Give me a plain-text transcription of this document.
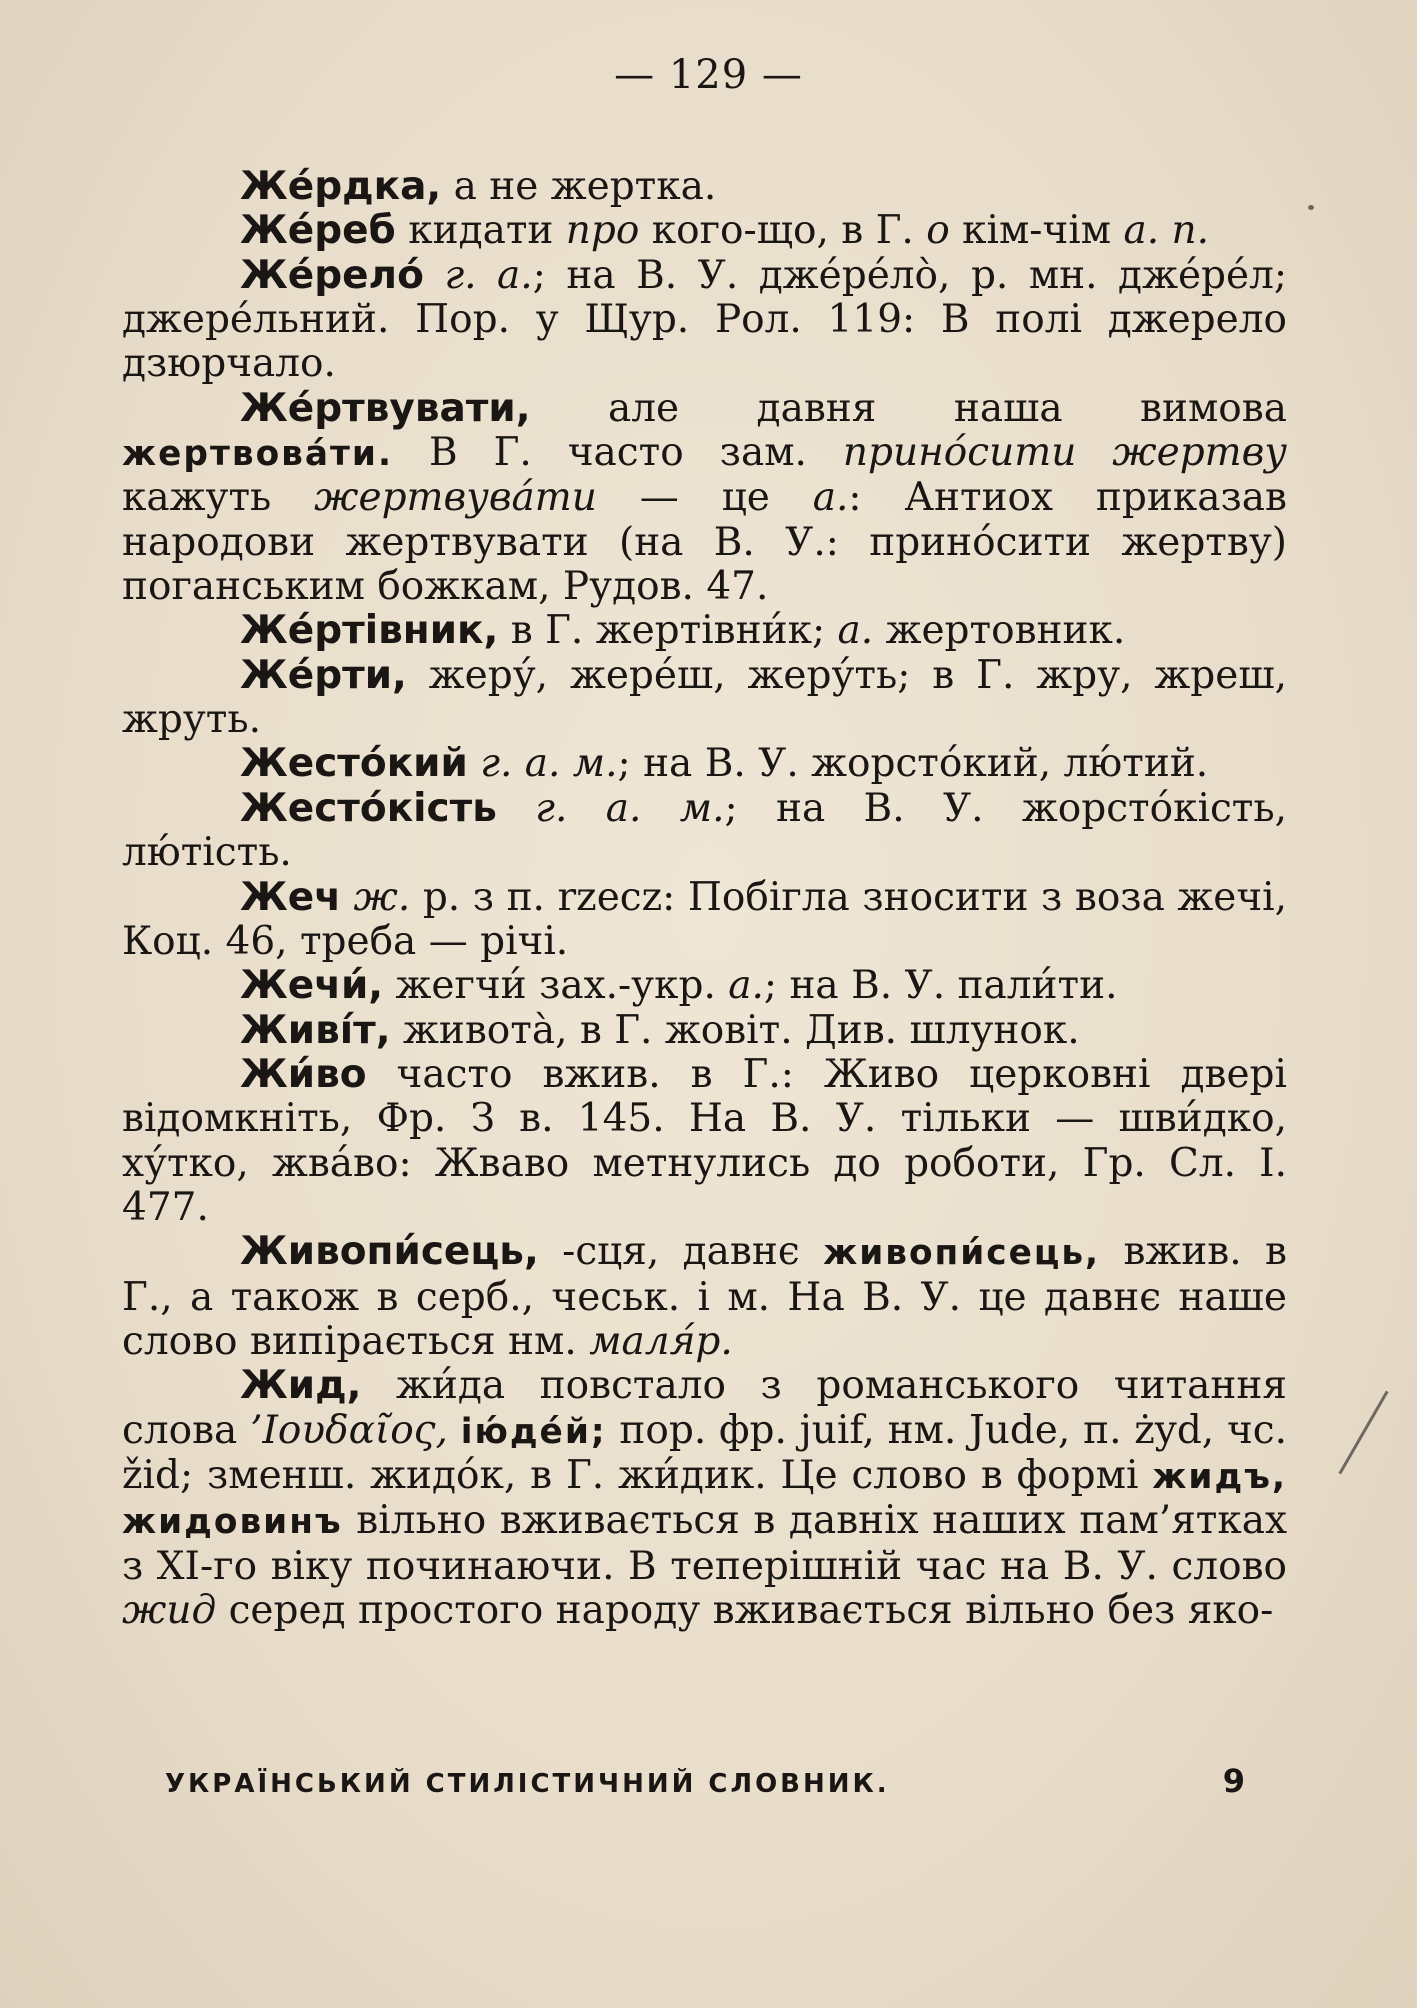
— 129 —

Же́рдка, а не жертка.

Же́реб кидати про кого-що, в Г. о кім-чім а. п.

Же́рело́ г. а.; на В. У. дже́ре́ло̀, р. мн. дже́ре́л; джере́льний. Пор. у Щур. Рол. 119: В полі джерело дзюрчало.

Же́ртвувати, але давня наша вимова жертвова́ти. В Г. часто зам. прино́сити жертву кажуть жертвува́ти — це а.: Антиох приказав народови жертвувати (на В. У.: прино́сити жертву) поганським божкам, Рудов. 47.

Же́ртівник, в Г. жертівни́к; а. жертовник.

Же́рти, жеру́, жере́ш, жеру́ть; в Г. жру, жреш, жруть.

Жесто́кий г. а. м.; на В. У. жорсто́кий, лю́тий.

Жесто́кість г. а. м.; на В. У. жорсто́кість, лю́тість.

Жеч ж. р. з п. rzecz: Побігла зносити з воза жечі, Коц. 46, треба — річі.

Жечи́, жегчи́ зах.-укр. а.; на В. У. пали́ти.

Живі́т, живота̀, в Г. жовіт. Див. шлунок.

Жи́во часто вжив. в Г.: Живо церковні двері відомкніть, Фр. З в. 145. На В. У. тільки — шви́дко, ху́тко, жва́во: Жваво метнулись до роботи, Гр. Сл. І. 477.

Живопи́сець, -сця, давнє живопи́сець, вжив. в Г., а також в серб., чеськ. і м. На В. У. це давнє наше слово випірається нм. маля́р.

Жид, жи́да повстало з романського читання слова ’Ιουδαῖος, ію́де́й; пор. фр. juif, нм. Jude, п. żyd, чс. žid; зменш. жидо́к, в Г. жи́дик. Це слово в формі жидъ, жидовинъ вільно вживається в давніх наших пам’ятках з XI-го віку починаючи. В теперішній час на В. У. слово жид серед простого народу вживається вільно без яко-

УКРАЇНСЬКИЙ СТИЛІСТИЧНИЙ СЛОВНИК.	9
